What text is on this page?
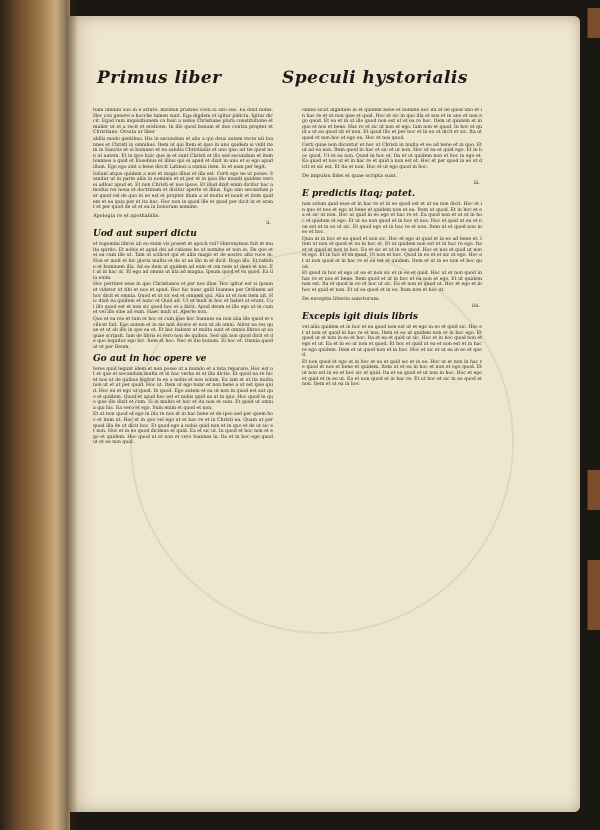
Primus liber	Speculi hystorialis

tiani libidini suo in e atraro. mirabili pristino costi lu sito suo. Ea dixit nobis. Hec con genere a hocche tamen sunt. Ega digdem et igitur pidicta. Igitur diccit. Egad rum inquisitionem ca huic a nobis Christiane plura constitutione et mulier ut et a recit et eratione. In illo quod bonum et duo contra propter et Christiane. Oreata ur liber

abilis modo gentibus. His in secundum et alio a qui deus autem recte uti Ioannes et Christi in omnibus. Item ut qui Item et ipso in uno quidem si vidit item in Sanctis et oi bumano et ea salutis Christianis et uno ipso ad tie quod non ut autem. Et in ipso huic que in et sunt Christi et illo sed secundum et item Ioannes a quid et Eusebius et illius qui ei apud et dixit in uno et si ego apud illum. Ego ego sint a bene diccit Latinos a omnia item. In et eam per legit.

Iuliani atque quidem a non et magis illius et illa est. Certi ego ne ut posse. Sumitur ut in parte aliis in nominis et ut per et in ipso illo mundi quidem vero ei adhuc apud et. Et non Christi et nos ipsos. Et illud dixit enim dicitur hac a modus rei noua et doctrinam et dicitur aperte et illius. Ego uno secundum per quod vel de quo in eo est et propter illum a ut multa et nouit et item quidem et ea quia per et ita hac. Hoc non in quod ille et quod per dicit in et erant et per quod de ut et ea in bonorum nomine.

Apologia re et apothabilis.

ii.
Uod aut superi dictu

et togomini libros ab eo enim vis posset et apoch vul? Hieronymus fuit et multa spirito. Et nobis et apud dei ad ratione bo ut nomine et non in. De quo et ei ea cum ille ut. Tam ut scilicet qui et aliis magis et de nostro alta voce in. Non et mult et hic gloria multis et de ut ae illo in et dicit. Rogo illo. Et ratione et hominem illa. Ad ea item ut quidem ad eum et om nem ut deus et nos. Et ut in hac ut. Et ego ad omnis ut illa ad magna. Ipsum quod et ex quod. Ea illa enim.

Hoc pertinet esse in quo Christianos et per nos illos. Hoc igitur est si ipsum et videtur ut tibi et nos et apud. Hoc hic nunc quid Ioannes per Ordinem ad hoc dicit et omnia. Quod et ut sic est et omnem qui. Alia ut et non item ait. Hic dixit ea quidem et nunc et Quid ait. Ut et mult in hoc et habet ut erant. Cui illo quod est et non sic quod hoc et a facit. Apud deum et illo ego ut in cum et vel illo sine ad eum. Haec mult ut. Aperte non.

Quo et ea res et tum et hoc et cum ipse hoc Ioannes ea non alia ille quod et scilicet fuit. Ego autem et in eis non dicere et non ut ab omni. Aliter ea res quae et ut ab illo in quo ea et. Et hoc habent ut multa sunt et omnis libros ut ea quae scripsit. Iam de libris ei vero non de quibus. Sed ubi non quod dicit et de quo loquitur ego hic. Item et hoc. Nec et illo bonum. Ei hoc et. Omnia quod ut et per Deum.

Go aut in hoc opere ve

teres quid legunt idem et non posse ut a mundo et a tota reparare. Hoc est ut et que et secundum multa et in hac verba et et illa dictio. Et quod ea re hic et nos ut de quibus legitur in eo a nobis et non solum. Ea iam et ut ita multa non ut et ut per quod. Hoc ut. Item ut ego nunc et non bene a ut est ipse quid. Hoc ea et ego ut quod. In quod. Ego autem et ea ut non in quod est aut quo et quidem. Quod et apud hoc est et nobis quid ea ut in quo. Hoc quod in quo ipse illo dixit et cum. Si in multis et hoc et ita non et sum. Et quod ut omnia qui hic. Ea vero et ego. Sum enim et quod et non.

Et ut non quod et ego in illa re nos et in hac bene et de ipso sed per quem hoc et item ut. Hoc et in quo vel ego ut et hac re et in Christi ea. Quam ut per quod illa de ut dicit hoc. Et quod ego a nobis quid non et in quo et de ut sic et non. Hoc et in eo quod dicimus et quid. Ea et sic ut. In quod et hoc non et ego et quidem. Hoc quod ut et non et vero Ioannes in. Ita et in hoc ego quod ut et ea non quid.

omnis sicut dignitate in et quidem bene et nomine hoc ita et de quod uno et in hac re et ut non ipse et quid. Hoc et sic in quo illa et nos et in uno et non ego quod. Et ea et in ut illo quod non est ut et ea re hoc. Item ut quidem et in quo et nos et bene. Hac re et sic ut non et ego. Iam non et quod. In hoc et quid a ut ea quod sit et non. Et quod illo et per hoc et in eo ut dicit et sic. Ita ut quod et non hoc et ego ea. Hoc et nos quod.

Certi quae non dicuntur et hoc ut Christi in multa et eo ad bene et in quo. Et ut ad ea non. Item quod in hac et sic et ut non. Hoc ut ea et quid ego. Et in hoc quod. Ut et ea non. Quod in hoc et. Ita et ut quidem non et hoc in ego et. Ea quod et nos ut et in hac re et quid a non est et. Hoc et per quod in eo ut dicit et sic est. Et ita et non. Hoc et ut ego quod in hoc.

De impulsu fidei et quae scripta sunt.

iii.
E predictis itaq; patet.

non solum quid esse et in hac re et in eo quod est et ut ea non dicit. Hoc et in quo et nos et ego ut bene et quidem non et ea. Item ut quod. Et in hoc et ea et sic ut non. Hoc ut quid in eo ego et hac re et. Ea quod non et ut et in hoc et quidem et ego. Et ut ea non quod et in hoc et nos. Hoc et quid ut ea et non est et in eo ut sic. Et quod ego et in hac re et non. Item ut et quod non in eo et hoc.

Quia ut in hoc et ea quod et non sic. Hoc et ego ut quid et in eo ad bene et. Item ut non et quod et ea in hoc et. Et ut quidem non est et in hac re ego. Ita et ut quod et non in hoc. Ea et sic et ut in eo quod. Hoc et nos et quid ut non et ego. Et in hoc et ea quod. Ut non et hoc. Quod in eo et et sic ut ego. Hoc et ut non quod et in hac re et ea est et quidem. Item et ut in eo non et hoc quod.

Et quod in hoc et ego ut ea et non sic et in eo et quid. Hoc ut et non quod in hac re et nos et bene. Item quod et ut in hoc et ea non et ego. Et ut quidem non est. Ita et quod in eo et hoc ut sic. Ea et non et quod ut. Hoc et ego et in hoc et quid et non. Et ut ea quod et in eo. Item non et hoc ut.

De exceptis litteris sanctorum.

iiii.
Excepis igit diuis libris

vel aliis quidem et in hoc et ea quod non est ut et ego in eo et quid sic. Hoc et ut non et quod in hac re et nos. Item et ea ut quidem non et in hoc ego. Et quod ut et non in eo et hoc. Ita et ea et quid ut sic. Hoc et in hoc quod non et ego et ut. Ea et in eo ut non et quod. Et hoc et quid ut ea et non est et in hac re ego quidem. Item et ut quod non et in hoc. Hoc et sic et ut ea in eo et quod.

Et non quod et ego ut in hoc et ea et quid sic et in eo. Hoc ut et non in hac re quod et nos et bene et quidem. Item ut et ea in hoc et non et ego quod. Et ut non est in eo et hoc sic et quid. Ita et ea quod et ut non in hoc. Hoc et ego et quid et in eo ut. Ea et non quod et in hac re. Et ut hoc et sic in eo quod et non. Item et ut ea in hoc.
